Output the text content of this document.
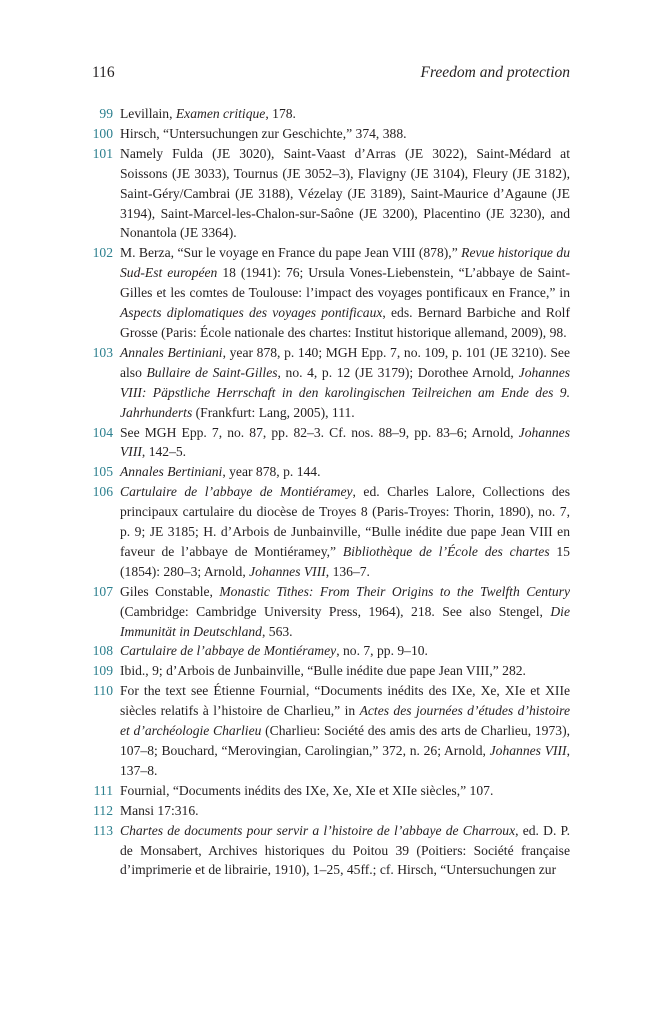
116	Freedom and protection
99 Levillain, Examen critique, 178.
100 Hirsch, “Untersuchungen zur Geschichte,” 374, 388.
101 Namely Fulda (JE 3020), Saint-Vaast d’Arras (JE 3022), Saint-Médard at Soissons (JE 3033), Tournus (JE 3052–3), Flavigny (JE 3104), Fleury (JE 3182), Saint-Géry/Cambrai (JE 3188), Vézelay (JE 3189), Saint-Maurice d’Agaune (JE 3194), Saint-Marcel-les-Chalon-sur-Saône (JE 3200), Placentino (JE 3230), and Nonantola (JE 3364).
102 M. Berza, “Sur le voyage en France du pape Jean VIII (878),” Revue historique du Sud-Est européen 18 (1941): 76; Ursula Vones-Liebenstein, “L’abbaye de Saint-Gilles et les comtes de Toulouse: l’impact des voyages pontificaux en France,” in Aspects diplomatiques des voyages pontificaux, eds. Bernard Barbiche and Rolf Grosse (Paris: École nationale des chartes: Institut historique allemand, 2009), 98.
103 Annales Bertiniani, year 878, p. 140; MGH Epp. 7, no. 109, p. 101 (JE 3210). See also Bullaire de Saint-Gilles, no. 4, p. 12 (JE 3179); Dorothee Arnold, Johannes VIII: Päpstliche Herrschaft in den karolingischen Teilreichen am Ende des 9. Jahrhunderts (Frankfurt: Lang, 2005), 111.
104 See MGH Epp. 7, no. 87, pp. 82–3. Cf. nos. 88–9, pp. 83–6; Arnold, Johannes VIII, 142–5.
105 Annales Bertiniani, year 878, p. 144.
106 Cartulaire de l’abbaye de Montiéramey, ed. Charles Lalore, Collections des principaux cartulaire du diocèse de Troyes 8 (Paris-Troyes: Thorin, 1890), no. 7, p. 9; JE 3185; H. d’Arbois de Junbainville, “Bulle inédite due pape Jean VIII en faveur de l’abbaye de Montiéramey,” Bibliothèque de l’École des chartes 15 (1854): 280–3; Arnold, Johannes VIII, 136–7.
107 Giles Constable, Monastic Tithes: From Their Origins to the Twelfth Century (Cambridge: Cambridge University Press, 1964), 218. See also Stengel, Die Immunität in Deutschland, 563.
108 Cartulaire de l’abbaye de Montiéramey, no. 7, pp. 9–10.
109 Ibid., 9; d’Arbois de Junbainville, “Bulle inédite due pape Jean VIII,” 282.
110 For the text see Étienne Fournial, “Documents inédits des IXe, Xe, XIe et XIIe siècles relatifs à l’histoire de Charlieu,” in Actes des journées d’études d’histoire et d’archéologie Charlieu (Charlieu: Société des amis des arts de Charlieu, 1973), 107–8; Bouchard, “Merovingian, Carolingian,” 372, n. 26; Arnold, Johannes VIII, 137–8.
111 Fournial, “Documents inédits des IXe, Xe, XIe et XIIe siècles,” 107.
112 Mansi 17:316.
113 Chartes de documents pour servir a l’histoire de l’abbaye de Charroux, ed. D. P. de Monsabert, Archives historiques du Poitou 39 (Poitiers: Société française d’imprimerie et de librairie, 1910), 1–25, 45ff.; cf. Hirsch, “Untersuchungen zur
